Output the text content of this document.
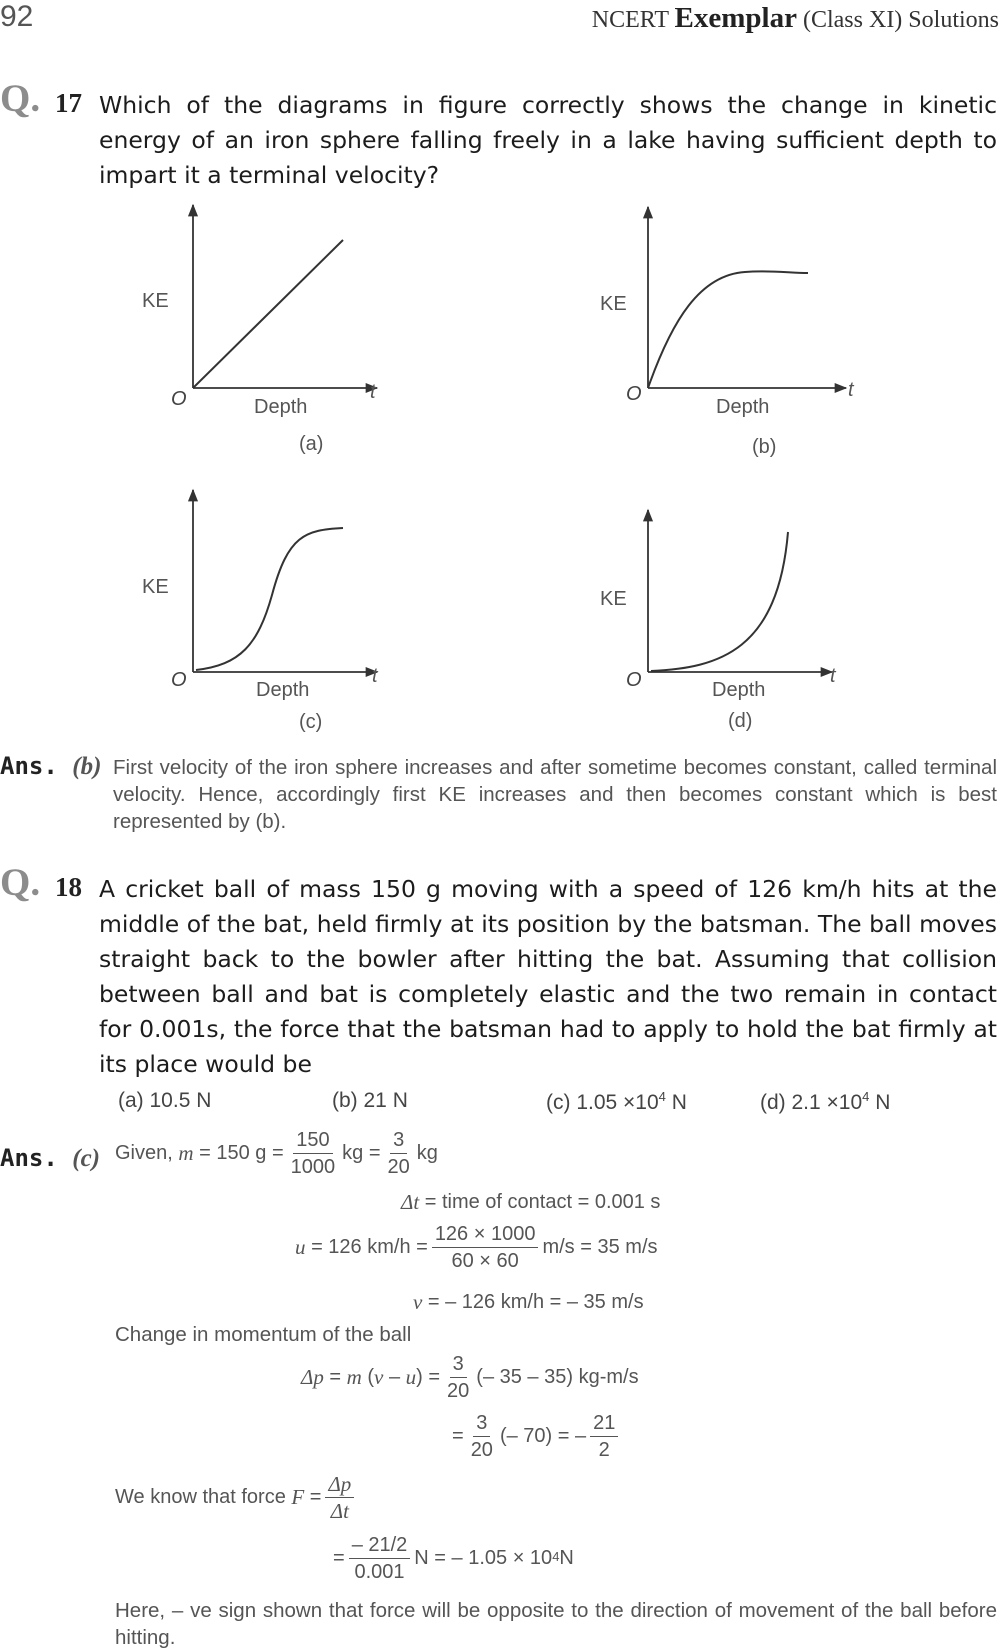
92	NCERT Exemplar (Class XI) Solutions
Q. 17 Which of the diagrams in figure correctly shows the change in kinetic energy of an iron sphere falling freely in a lake having sufficient depth to impart it a terminal velocity?
KE
O	Depth
t
(a)
KE
O
Depth
t
(b)
KE
O	Depth
t
(c)
KE
O	Depth
t
(d)
Ans. (b) First velocity of the iron sphere increases and after sometime becomes constant, called terminal velocity. Hence, accordingly first KE increases and then becomes constant which is best represented by (b).
Q. 18 A cricket ball of mass 150 g moving with a speed of 126 km/h hits at the middle of the bat, held firmly at its position by the batsman. The ball moves straight back to the bowler after hitting the bat. Assuming that collision between ball and bat is completely elastic and the two remain in contact for 0.001s, the force that the batsman had to apply to hold the bat firmly at its place would be
(a) 10.5 N	(b) 21 N	(c) $1.05 \times 10^4$ N	(d) $2.1 \times 10^4$ N
Ans. (c) Given,
m
= 150 $g = \frac{150}{1000}$ kg = $\frac{3}{20}$ kg
Δt
= time of contact = 0.001 s
u
= 126 $km/h = \frac{126 \times 1000}{60 \times 60} m/s = 35$ m/s
v
= – 126 km/h = – 35 m/s
Change in momentum of the ball
Δp
=
m
( v
–
u ) = $\frac{3}{20}$ (– 35 – 35) kg-m/s
= $\frac{3}{20}$ (– 70) = – $\frac{21}{2}$
We know that force
F
= $\frac{\Delta p}{\Delta t}$
= $\frac{- 21/2}{0.001}$ N = – 1.05 × 10 4 N
Here, – ve sign shown that force will be opposite to the direction of movement of the ball before hitting.
